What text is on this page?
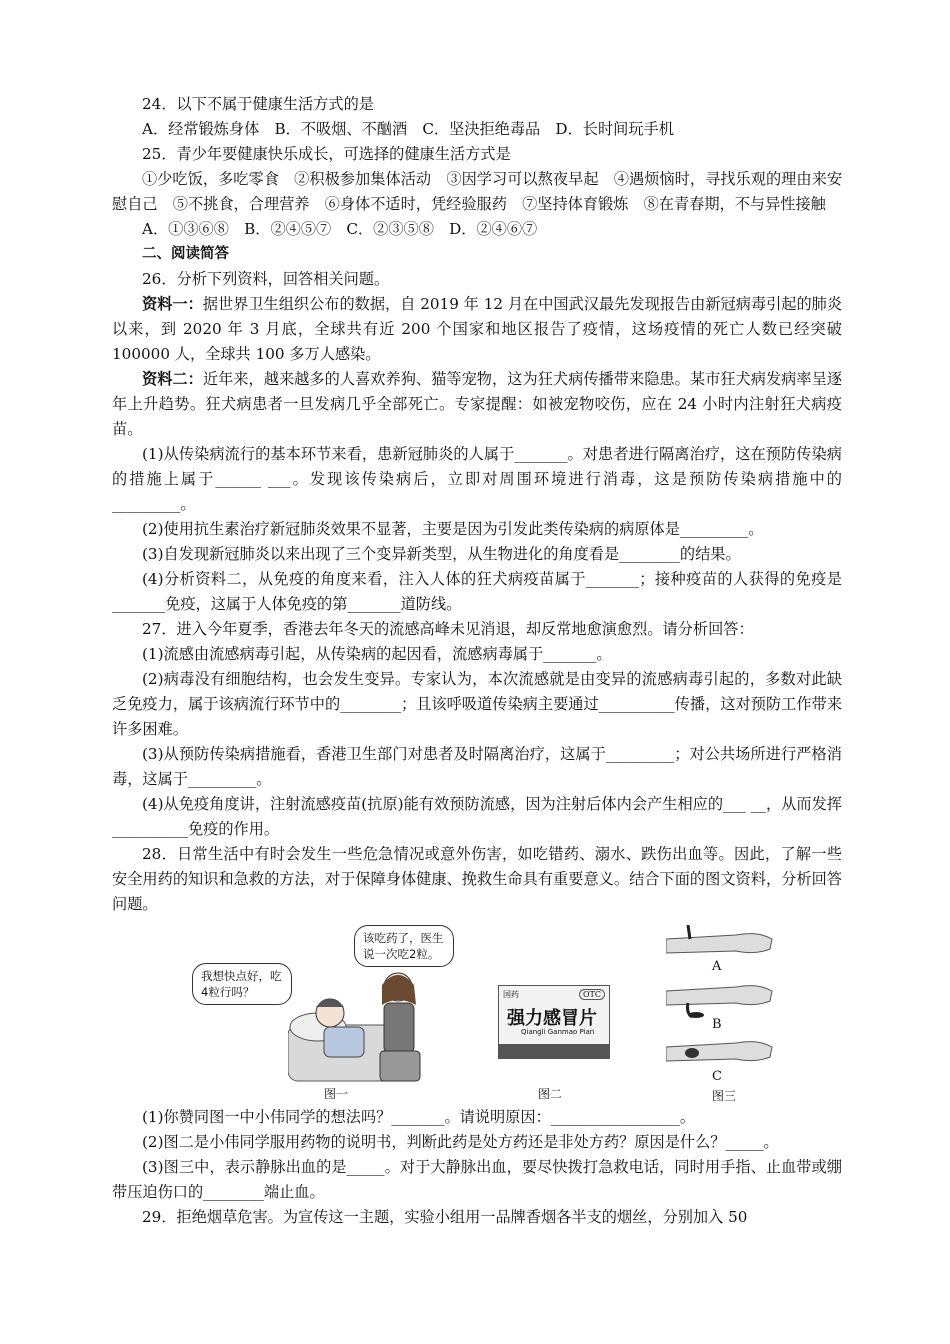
24．以下不属于健康生活方式的是

A．经常锻炼身体　B．不吸烟、不酗酒　C．坚決拒绝毒品　D．长时间玩手机

25．青少年要健康快乐成长，可选择的健康生活方式是

①少吃饭，多吃零食　②积极参加集体活动　③因学习可以熬夜早起　④遇烦恼时，寻找乐观的理由来安慰自己　⑤不挑食，合理营养　⑥身体不适时，凭经验服药　⑦坚持体育锻炼　⑧在青春期，不与异性接触

A．①③⑥⑧　B．②④⑤⑦　C．②③⑤⑧　D．②④⑥⑦

二、阅读简答

26．分析下列资料，回答相关问题。

资料一：据世界卫生组织公布的数据，自 2019 年 12 月在中国武汉最先发现报告由新冠病毒引起的肺炎以来，到 2020 年 3 月底，全球共有近 200 个国家和地区报告了疫情，这场疫情的死亡人数已经突破 100000 人，全球共 100 多万人感染。

资料二：近年来，越来越多的人喜欢养狗、猫等宠物，这为狂犬病传播带来隐患。某市狂犬病发病率呈逐年上升趋势。狂犬病患者一旦发病几乎全部死亡。专家提醒：如被宠物咬伤，应在 24 小时内注射狂犬病疫苗。

(1)从传染病流行的基本环节来看，患新冠肺炎的人属于_______。对患者进行隔离治疗，这在预防传染病的措施上属于______ ___。发现该传染病后，立即对周围环境进行消毒，这是预防传染病措施中的_________。

(2)使用抗生素治疗新冠肺炎效果不显著，主要是因为引发此类传染病的病原体是_________。

(3)自发现新冠肺炎以来出现了三个变异新类型，从生物进化的角度看是________的结果。

(4)分析资料二，从免疫的角度来看，注入人体的狂犬病疫苗属于_______；接种疫苗的人获得的免疫是_______免疫，这属于人体免疫的第_______道防线。

27．进入今年夏季，香港去年冬天的流感高峰未见消退，却反常地愈演愈烈。请分析回答：

(1)流感由流感病毒引起，从传染病的起因看，流感病毒属于_______。

(2)病毒没有细胞结构，也会发生变异。专家认为，本次流感就是由变异的流感病毒引起的，多数对此缺乏免疫力，属于该病流行环节中的________；且该呼吸道传染病主要通过__________传播，这对预防工作带来许多困难。

(3)从预防传染病措施看，香港卫生部门对患者及时隔离治疗，这属于_________；对公共场所进行严格消毒，这属于_________。

(4)从免疫角度讲，注射流感疫苗(抗原)能有效预防流感，因为注射后体内会产生相应的___ __，从而发挥__________免疫的作用。

28．日常生活中有时会发生一些危急情况或意外伤害，如吃错药、溺水、跌伤出血等。因此，了解一些安全用药的知识和急救的方法，对于保障身体健康、挽救生命具有重要意义。结合下面的图文资料，分析回答问题。

我想快点好，吃4粒行吗？
该吃药了，医生说一次吃2粒。
图一
国药	OTC
强力感冒片
Qiangli Ganmao Pian
图二
A
B
C
图三

(1)你赞同图一中小伟同学的想法吗？_______。请说明原因：_________________。

(2)图二是小伟同学服用药物的说明书，判断此药是处方药还是非处方药？原因是什么？_____。

(3)图三中，表示静脉出血的是_____。对于大静脉出血，要尽快拨打急救电话，同时用手指、止血带或绷带压迫伤口的________端止血。

29．拒绝烟草危害。为宣传这一主题，实验小组用一品牌香烟各半支的烟丝，分别加入 50
